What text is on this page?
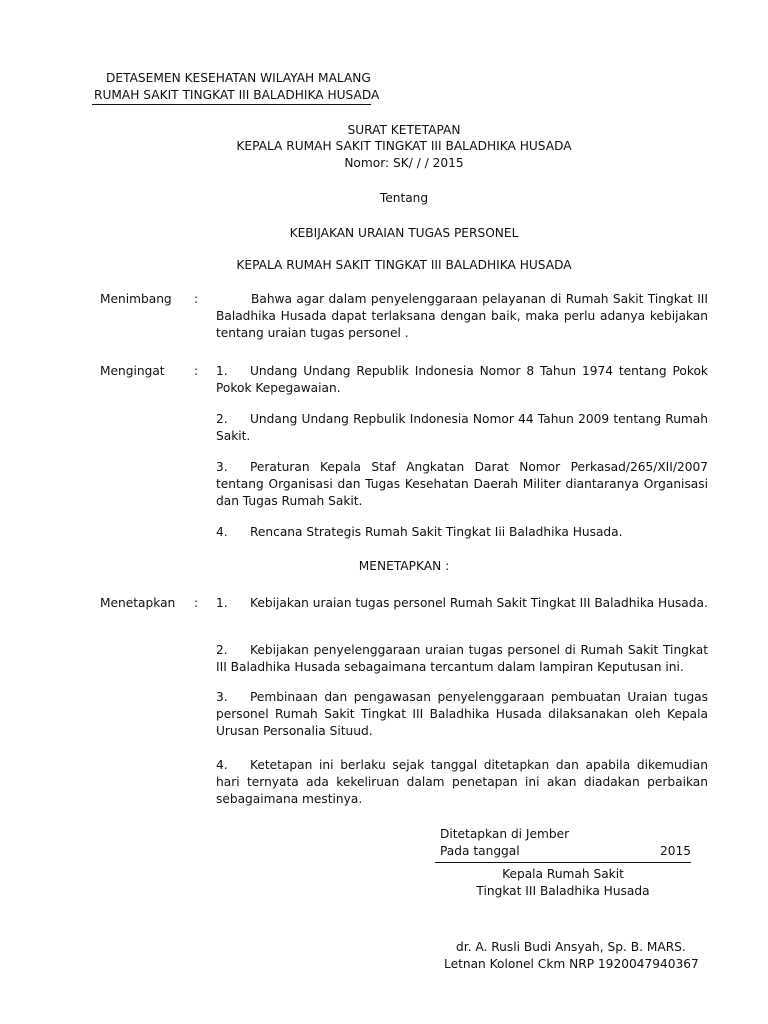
DETASEMEN KESEHATAN WILAYAH MALANG
RUMAH SAKIT TINGKAT III BALADHIKA HUSADA
SURAT KETETAPAN
KEPALA RUMAH SAKIT TINGKAT III BALADHIKA HUSADA
Nomor: SK/ / / 2015
Tentang
KEBIJAKAN URAIAN TUGAS PERSONEL
KEPALA RUMAH SAKIT TINGKAT III BALADHIKA HUSADA
Menimbang :	Bahwa agar dalam penyelenggaraan pelayanan di Rumah Sakit Tingkat III Baladhika Husada dapat terlaksana dengan baik, maka perlu adanya kebijakan tentang uraian tugas personel .
Mengingat : 1. Undang Undang Republik Indonesia Nomor 8 Tahun 1974 tentang Pokok Pokok Kepegawaian.
2. Undang Undang Repbulik Indonesia Nomor 44 Tahun 2009 tentang Rumah Sakit.
3. Peraturan Kepala Staf Angkatan Darat Nomor Perkasad/265/XII/2007 tentang Organisasi dan Tugas Kesehatan Daerah Militer diantaranya Organisasi dan Tugas Rumah Sakit.
4. Rencana Strategis Rumah Sakit Tingkat Iii Baladhika Husada.
MENETAPKAN :
Menetapkan : 1. Kebijakan uraian tugas personel Rumah Sakit Tingkat III Baladhika Husada.
2. Kebijakan penyelenggaraan uraian tugas personel di Rumah Sakit Tingkat III Baladhika Husada sebagaimana tercantum dalam lampiran Keputusan ini.
3. Pembinaan dan pengawasan penyelenggaraan pembuatan Uraian tugas personel Rumah Sakit Tingkat III Baladhika Husada dilaksanakan oleh Kepala Urusan Personalia Situud.
4. Ketetapan ini berlaku sejak tanggal ditetapkan dan apabila dikemudian hari ternyata ada kekeliruan dalam penetapan ini akan diadakan perbaikan sebagaimana mestinya.
Ditetapkan di Jember
Pada tanggal	2015
Kepala Rumah Sakit
Tingkat III Baladhika Husada
dr. A. Rusli Budi Ansyah, Sp. B. MARS.
Letnan Kolonel Ckm NRP 1920047940367
